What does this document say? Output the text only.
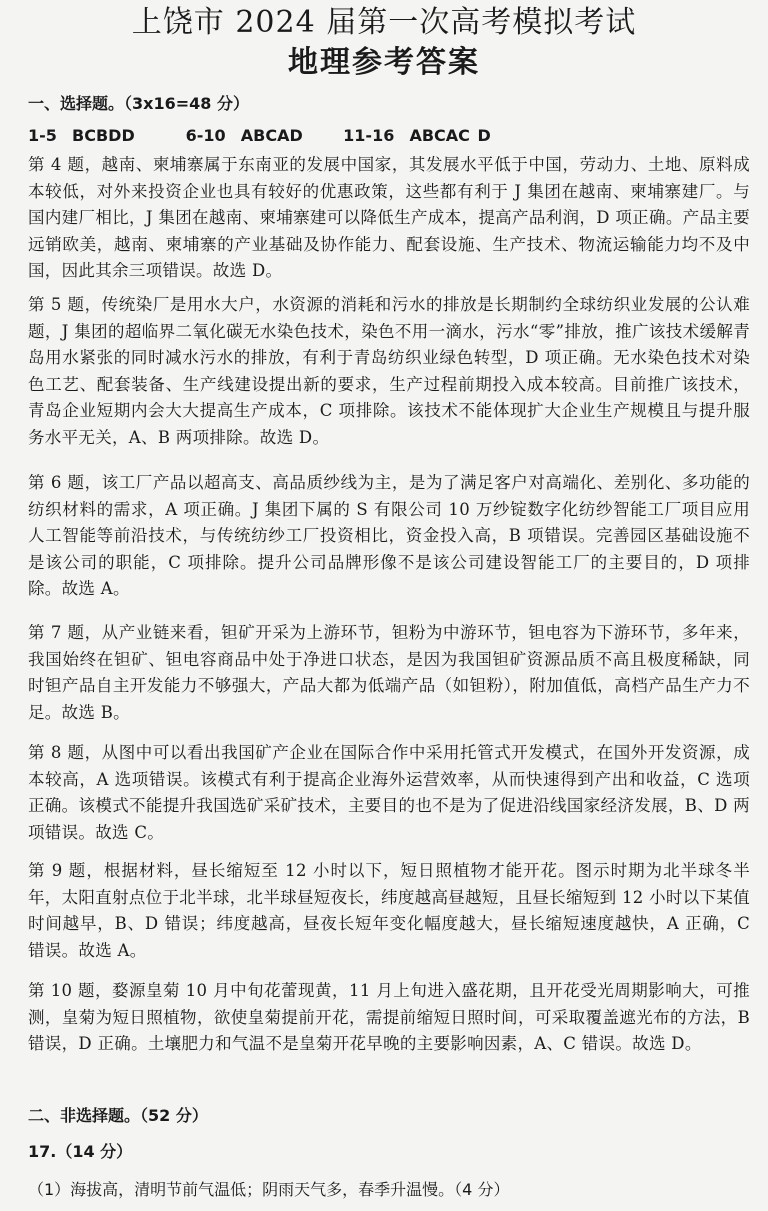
上饶市 2024 届第一次高考模拟考试
地理参考答案
一、选择题。（3x16=48 分）
1-5 BCBDD	6-10 ABCAD	11-16 ABCAC D
第 4 题，越南、柬埔寨属于东南亚的发展中国家，其发展水平低于中国，劳动力、土地、原料成本较低，对外来投资企业也具有较好的优惠政策，这些都有利于 J 集团在越南、柬埔寨建厂。与国内建厂相比，J 集团在越南、柬埔寨建可以降低生产成本，提高产品利润，D 项正确。产品主要远销欧美，越南、柬埔寨的产业基础及协作能力、配套设施、生产技术、物流运输能力均不及中国，因此其余三项错误。故选 D。
第 5 题，传统染厂是用水大户，水资源的消耗和污水的排放是长期制约全球纺织业发展的公认难题，J 集团的超临界二氧化碳无水染色技术，染色不用一滴水，污水“零”排放，推广该技术缓解青岛用水紧张的同时减水污水的排放，有利于青岛纺织业绿色转型，D 项正确。无水染色技术对染色工艺、配套装备、生产线建设提出新的要求，生产过程前期投入成本较高。目前推广该技术，青岛企业短期内会大大提高生产成本，C 项排除。该技术不能体现扩大企业生产规模且与提升服务水平无关，A、B 两项排除。故选 D。
第 6 题，该工厂产品以超高支、高品质纱线为主，是为了满足客户对高端化、差别化、多功能的纺织材料的需求，A 项正确。J 集团下属的 S 有限公司 10 万纱锭数字化纺纱智能工厂项目应用人工智能等前沿技术，与传统纺纱工厂投资相比，资金投入高，B 项错误。完善园区基础设施不是该公司的职能，C 项排除。提升公司品牌形像不是该公司建设智能工厂的主要目的，D 项排除。故选 A。
第 7 题，从产业链来看，钽矿开采为上游环节，钽粉为中游环节，钽电容为下游环节，多年来，我国始终在钽矿、钽电容商品中处于净进口状态，是因为我国钽矿资源品质不高且极度稀缺，同时钽产品自主开发能力不够强大，产品大都为低端产品（如钽粉），附加值低，高档产品生产力不足。故选 B。
第 8 题，从图中可以看出我国矿产企业在国际合作中采用托管式开发模式，在国外开发资源，成本较高，A 选项错误。该模式有利于提高企业海外运营效率，从而快速得到产出和收益，C 选项正确。该模式不能提升我国选矿采矿技术，主要目的也不是为了促进沿线国家经济发展，B、D 两项错误。故选 C。
第 9 题，根据材料，昼长缩短至 12 小时以下，短日照植物才能开花。图示时期为北半球冬半年，太阳直射点位于北半球，北半球昼短夜长，纬度越高昼越短，且昼长缩短到 12 小时以下某值时间越早，B、D 错误；纬度越高，昼夜长短年变化幅度越大，昼长缩短速度越快，A 正确，C 错误。故选 A。
第 10 题，婺源皇菊 10 月中旬花蕾现黄，11 月上旬进入盛花期，且开花受光周期影响大，可推测，皇菊为短日照植物，欲使皇菊提前开花，需提前缩短日照时间，可采取覆盖遮光布的方法，B 错误，D 正确。土壤肥力和气温不是皇菊开花早晚的主要影响因素，A、C 错误。故选 D。
二、非选择题。（52 分）
17.（14 分）
（1）海拔高，清明节前气温低；阴雨天气多，春季升温慢。（4 分）
